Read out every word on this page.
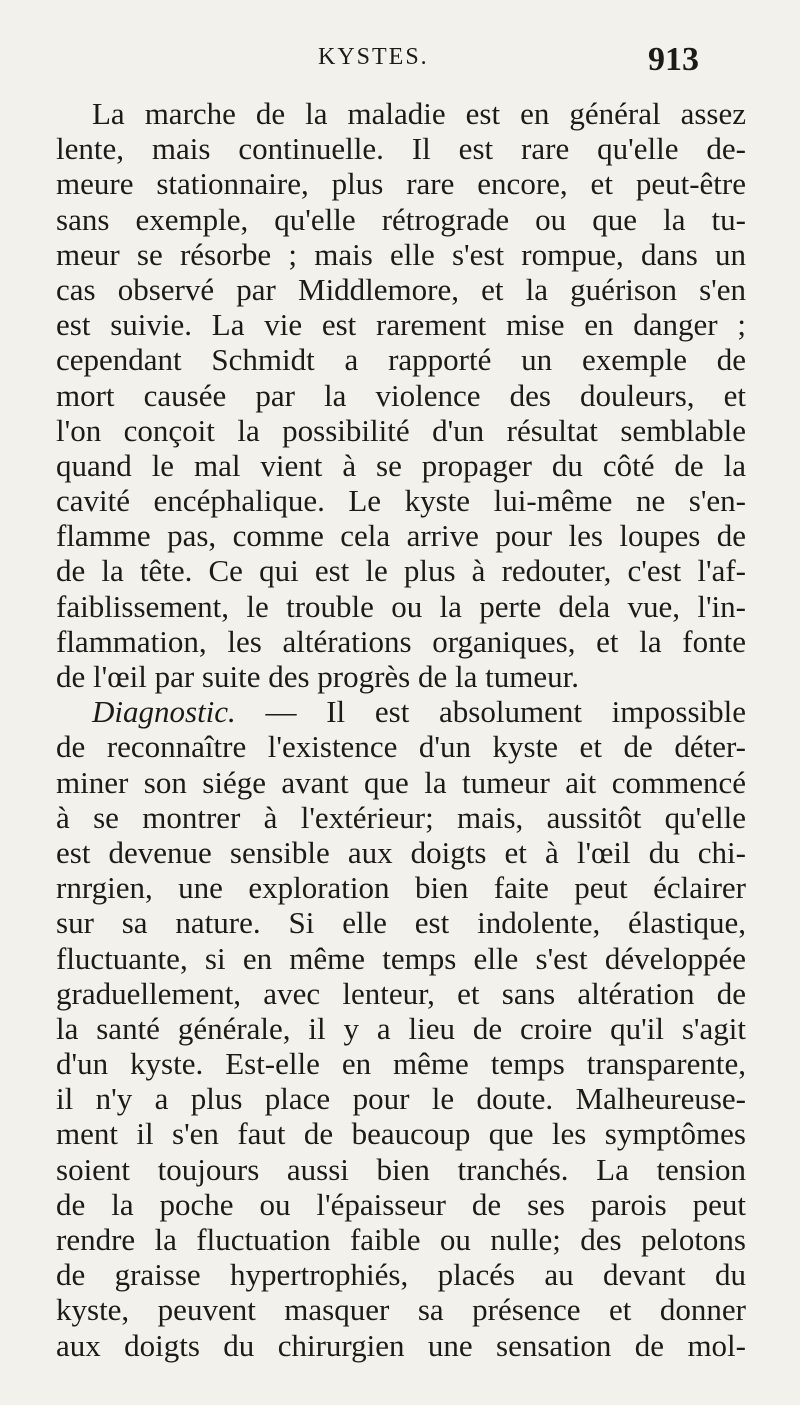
KYSTES.	913
La marche de la maladie est en général assez
lente, mais continuelle. Il est rare qu'elle de-
meure stationnaire, plus rare encore, et peut-être
sans exemple, qu'elle rétrograde ou que la tu-
meur se résorbe ; mais elle s'est rompue, dans un
cas observé par Middlemore, et la guérison s'en
est suivie. La vie est rarement mise en danger ;
cependant Schmidt a rapporté un exemple de
mort causée par la violence des douleurs, et
l'on conçoit la possibilité d'un résultat semblable
quand le mal vient à se propager du côté de la
cavité encéphalique. Le kyste lui-même ne s'en-
flamme pas, comme cela arrive pour les loupes de
de la tête. Ce qui est le plus à redouter, c'est l'af-
faiblissement, le trouble ou la perte dela vue, l'in-
flammation, les altérations organiques, et la fonte
de l'œil par suite des progrès de la tumeur.
Diagnostic. — Il est absolument impossible
de reconnaître l'existence d'un kyste et de déter-
miner son siége avant que la tumeur ait commencé
à se montrer à l'extérieur; mais, aussitôt qu'elle
est devenue sensible aux doigts et à l'œil du chi-
rnrgien, une exploration bien faite peut éclairer
sur sa nature. Si elle est indolente, élastique,
fluctuante, si en même temps elle s'est développée
graduellement, avec lenteur, et sans altération de
la santé générale, il y a lieu de croire qu'il s'agit
d'un kyste. Est-elle en même temps transparente,
il n'y a plus place pour le doute. Malheureuse-
ment il s'en faut de beaucoup que les symptômes
soient toujours aussi bien tranchés. La tension
de la poche ou l'épaisseur de ses parois peut
rendre la fluctuation faible ou nulle; des pelotons
de graisse hypertrophiés, placés au devant du
kyste, peuvent masquer sa présence et donner
aux doigts du chirurgien une sensation de mol-
